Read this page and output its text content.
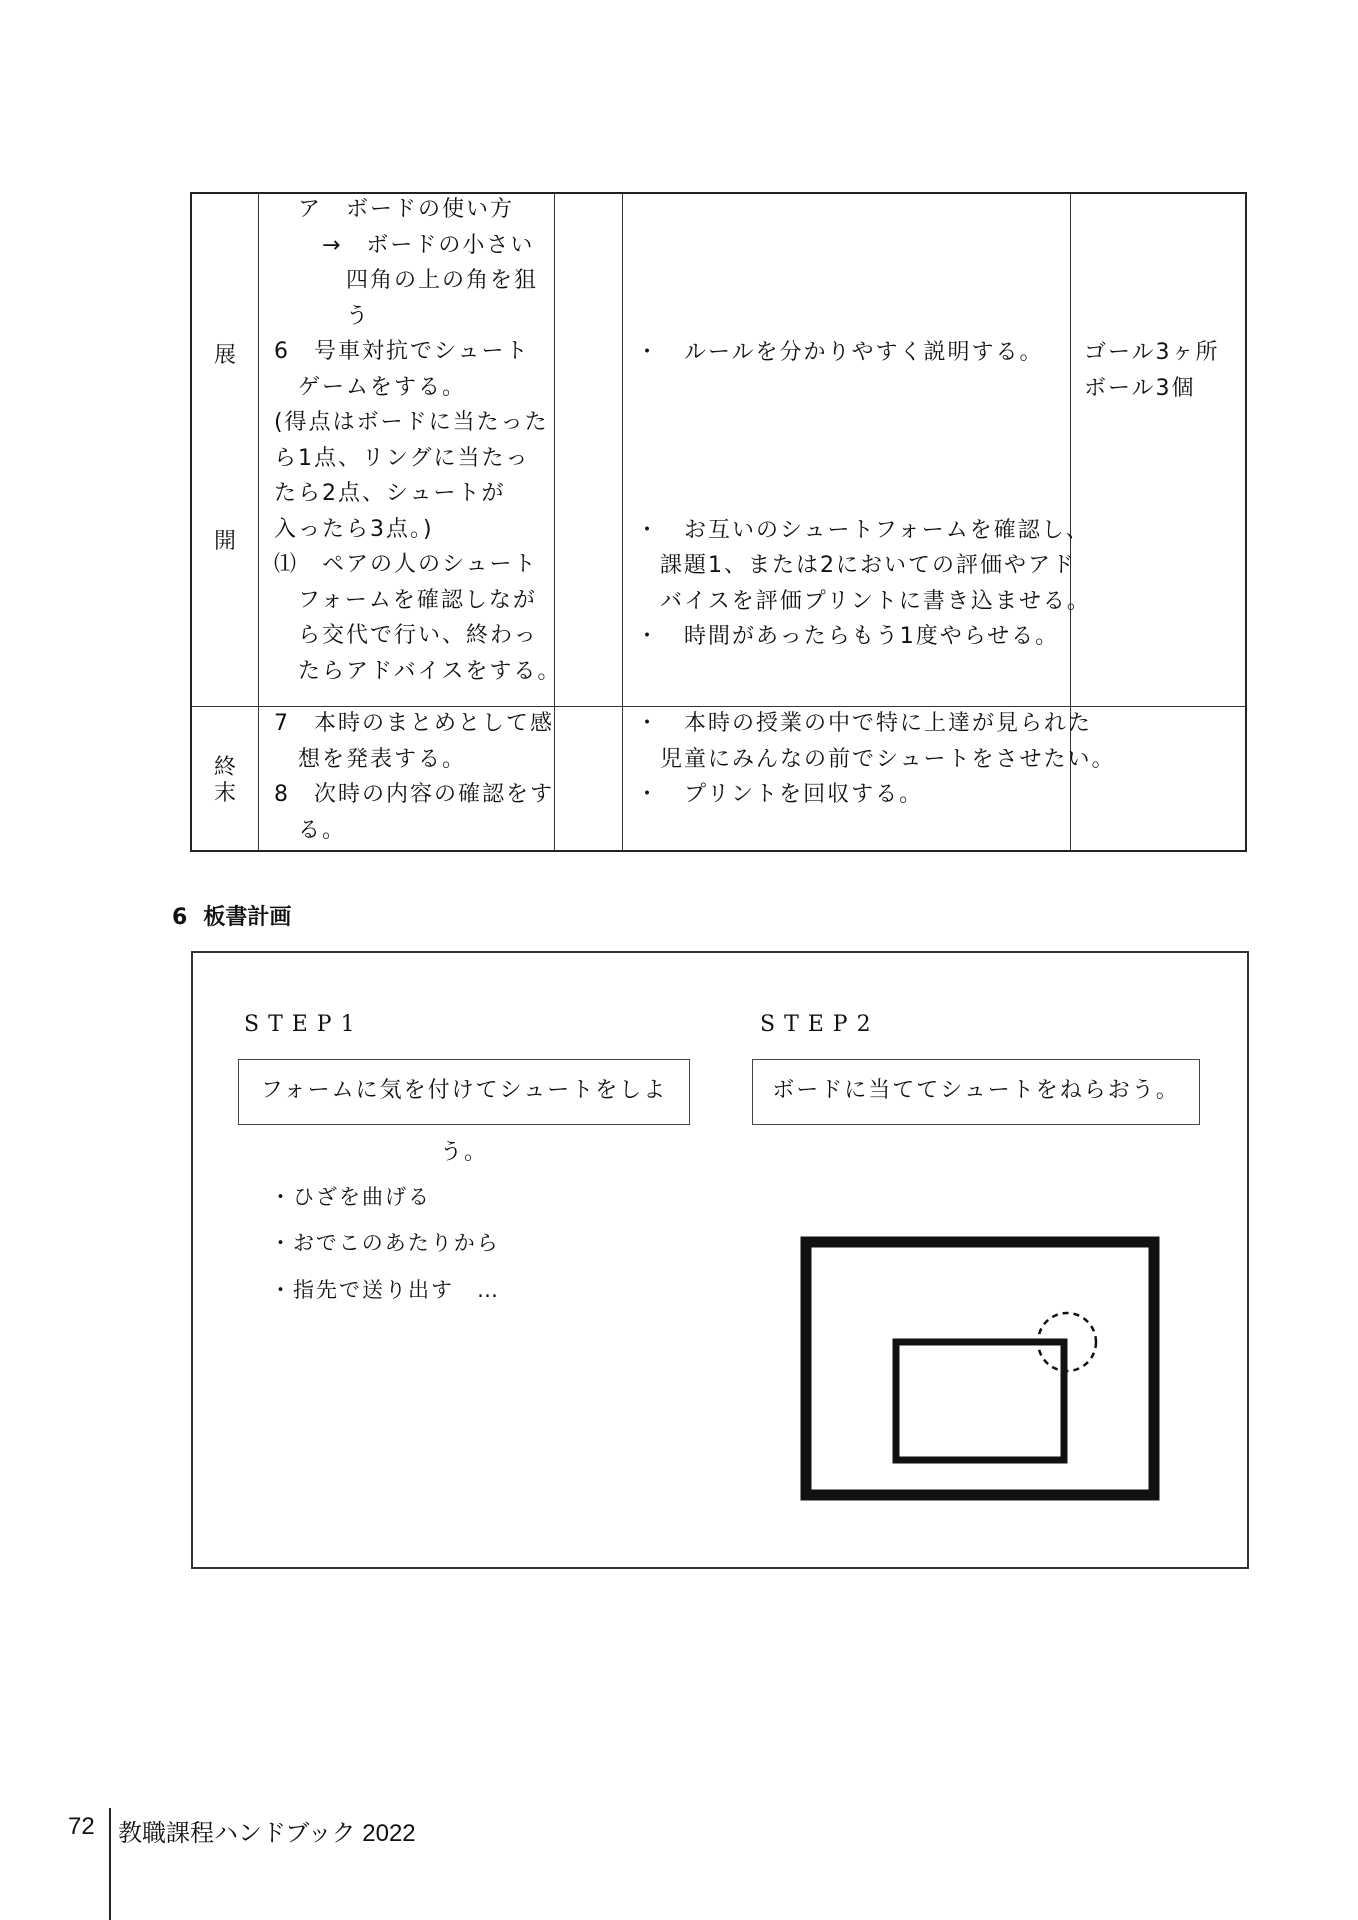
展
開
終
末
　ア　ボードの使い方
　　→　ボードの小さい
　　　四角の上の角を狙
　　　う
6　号車対抗でシュート
　ゲームをする。
(得点はボードに当たった
ら1点、リングに当たっ
たら2点、シュートが
入ったら3点。)
⑴　ペアの人のシュート
　フォームを確認しなが
　ら交代で行い、終わっ
　たらアドバイスをする。
7　本時のまとめとして感
　想を発表する。
8　次時の内容の確認をす
　る。
・　ルールを分かりやすく説明する。

・　お互いのシュートフォームを確認し、
　課題1、または2においての評価やアド
　バイスを評価プリントに書き込ませる。
・　時間があったらもう1度やらせる。
・　本時の授業の中で特に上達が見られた
　児童にみんなの前でシュートをさせたい。
・　プリントを回収する。
ゴール3ヶ所
ボール3個
6 板書計画
STEP1	STEP2
フォームに気を付けてシュートをしよう。
ボードに当ててシュートをねらおう。
・ひざを曲げる
・おでこのあたりから
・指先で送り出す　…
72 教職課程ハンドブック 2022
